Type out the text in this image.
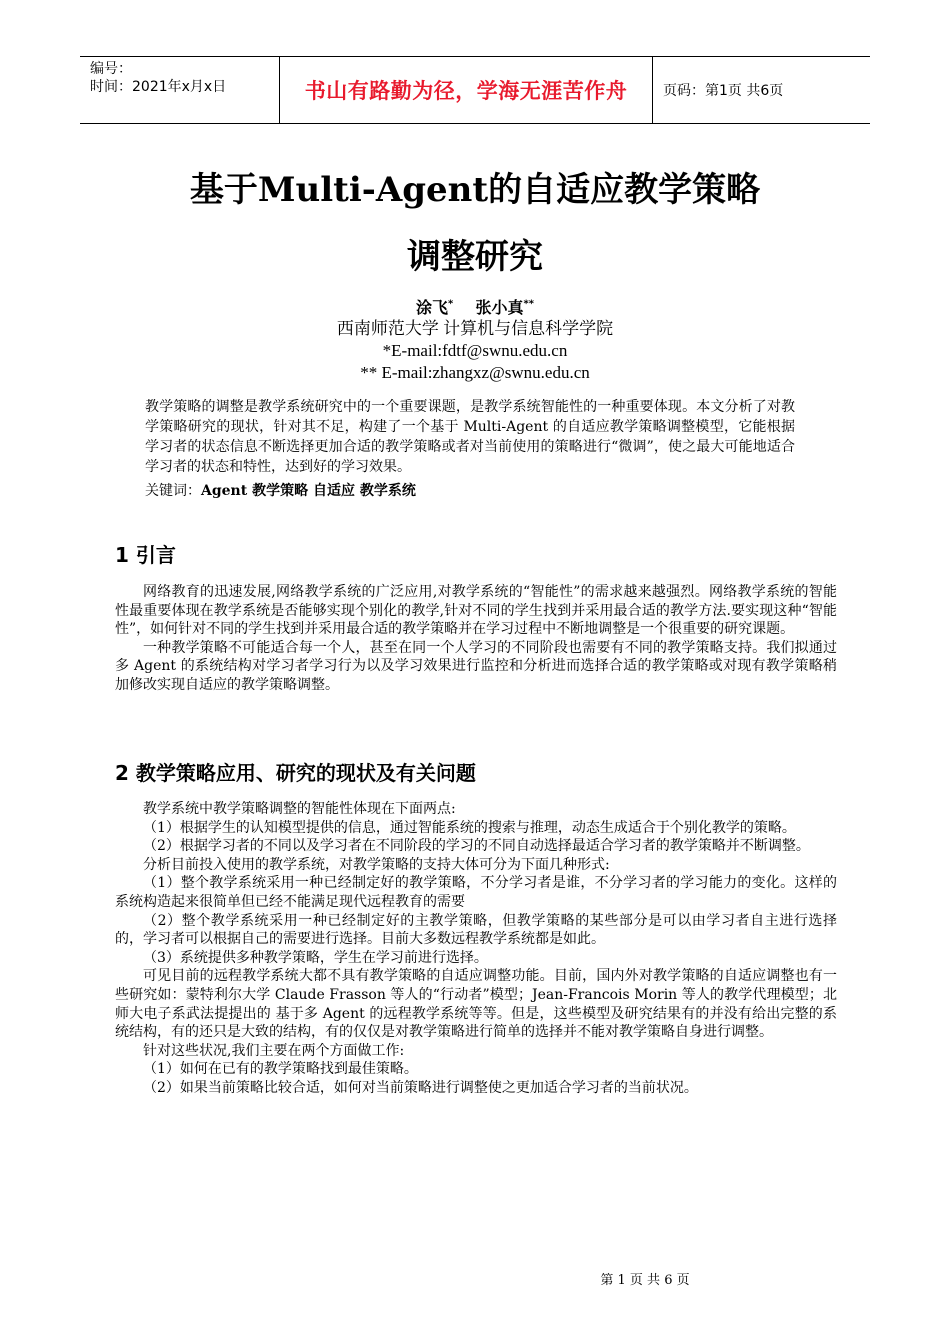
编号：
时间：2021年x月x日	书山有路勤为径，学海无涯苦作舟	页码：第1页 共6页
基于Multi-Agent的自适应教学策略
调整研究
涂飞* 张小真**
西南师范大学 计算机与信息科学学院
*E-mail:fdtf@swnu.edu.cn
** E-mail:zhangxz@swnu.edu.cn
教学策略的调整是教学系统研究中的一个重要课题，是教学系统智能性的一种重要体现。本文分析了对教学策略研究的现状，针对其不足，构建了一个基于 Multi-Agent 的自适应教学策略调整模型，它能根据学习者的状态信息不断选择更加合适的教学策略或者对当前使用的策略进行“微调”，使之最大可能地适合学习者的状态和特性，达到好的学习效果。
关键词：Agent 教学策略 自适应 教学系统
1 引言

网络教育的迅速发展,网络教学系统的广泛应用,对教学系统的“智能性”的需求越来越强烈。网络教学系统的智能性最重要体现在教学系统是否能够实现个别化的教学,针对不同的学生找到并采用最合适的教学方法.要实现这种“智能性”，如何针对不同的学生找到并采用最合适的教学策略并在学习过程中不断地调整是一个很重要的研究课题。

一种教学策略不可能适合每一个人，甚至在同一个人学习的不同阶段也需要有不同的教学策略支持。我们拟通过多 Agent 的系统结构对学习者学习行为以及学习效果进行监控和分析进而选择合适的教学策略或对现有教学策略稍加修改实现自适应的教学策略调整。

2 教学策略应用、研究的现状及有关问题

教学系统中教学策略调整的智能性体现在下面两点:

（1）根据学生的认知模型提供的信息，通过智能系统的搜索与推理，动态生成适合于个别化教学的策略。

（2）根据学习者的不同以及学习者在不同阶段的学习的不同自动选择最适合学习者的教学策略并不断调整。

分析目前投入使用的教学系统，对教学策略的支持大体可分为下面几种形式:

（1）整个教学系统采用一种已经制定好的教学策略，不分学习者是谁，不分学习者的学习能力的变化。这样的系统构造起来很简单但已经不能满足现代远程教育的需要

（2）整个教学系统采用一种已经制定好的主教学策略，但教学策略的某些部分是可以由学习者自主进行选择的，学习者可以根据自己的需要进行选择。目前大多数远程教学系统都是如此。

（3）系统提供多种教学策略，学生在学习前进行选择。

可见目前的远程教学系统大都不具有教学策略的自适应调整功能。目前，国内外对教学策略的自适应调整也有一些研究如：蒙特利尔大学 Claude Frasson 等人的“行动者”模型；Jean-Francois Morin 等人的教学代理模型；北师大电子系武法提提出的 基于多 Agent 的远程教学系统等等。但是，这些模型及研究结果有的并没有给出完整的系统结构，有的还只是大致的结构，有的仅仅是对教学策略进行简单的选择并不能对教学策略自身进行调整。

针对这些状况,我们主要在两个方面做工作:

（1）如何在已有的教学策略找到最佳策略。

（2）如果当前策略比较合适，如何对当前策略进行调整使之更加适合学习者的当前状况。

第 1 页 共 6 页
